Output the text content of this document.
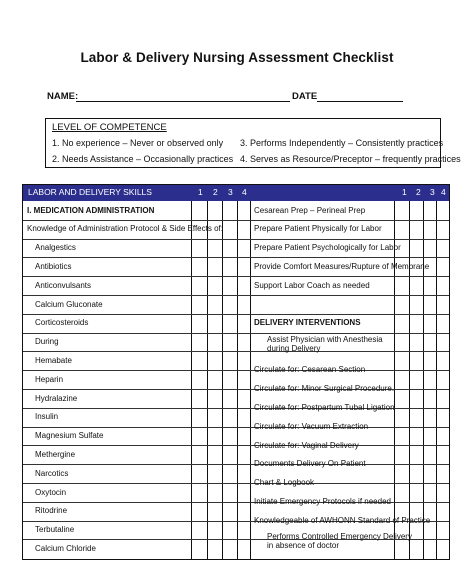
Labor & Delivery Nursing Assessment Checklist
NAME:	DATE
LEVEL OF COMPETENCE
1. No experience – Never or observed only 3. Performs Independently – Consistently practices
2. Needs Assistance – Occasionally practices 4. Serves as Resource/Preceptor – frequently practices
LABOR AND DELIVERY SKILLS	1 2 3 4	1 2 3 4
I. MEDICATION ADMINISTRATION
Knowledge of Administration Protocol & Side Effects of:
Analgestics
Antibiotics
Anticonvulsants
Calcium Gluconate
Corticosteroids
During
Hemabate
Heparin
Hydralazine
Insulin
Magnesium Sulfate
Methergine
Narcotics
Oxytocin
Ritodrine
Terbutaline
Calcium Chloride
Cesarean Prep – Perineal Prep
Prepare Patient Physically for Labor
Prepare Patient Psychologically for Labor
Provide Comfort Measures/Rupture of Membrane
Support Labor Coach as needed
DELIVERY INTERVENTIONS
Assist Physician with Anesthesia
during Delivery
Circulate for: Cesarean Section
Circulate for: Minor Surgical Procedure.
Circulate for: Postpartum Tubal Ligation
Circulate for: Vacuum Extraction
Circulate for: Vaginal Delivery
Documents Delivery On Patient
Chart & Logbook
Initiate Emergency Protocols if needed
Knowledgeable of AWHONN Standard of Practice
Performs Controlled Emergency Delivery
in absence of doctor
